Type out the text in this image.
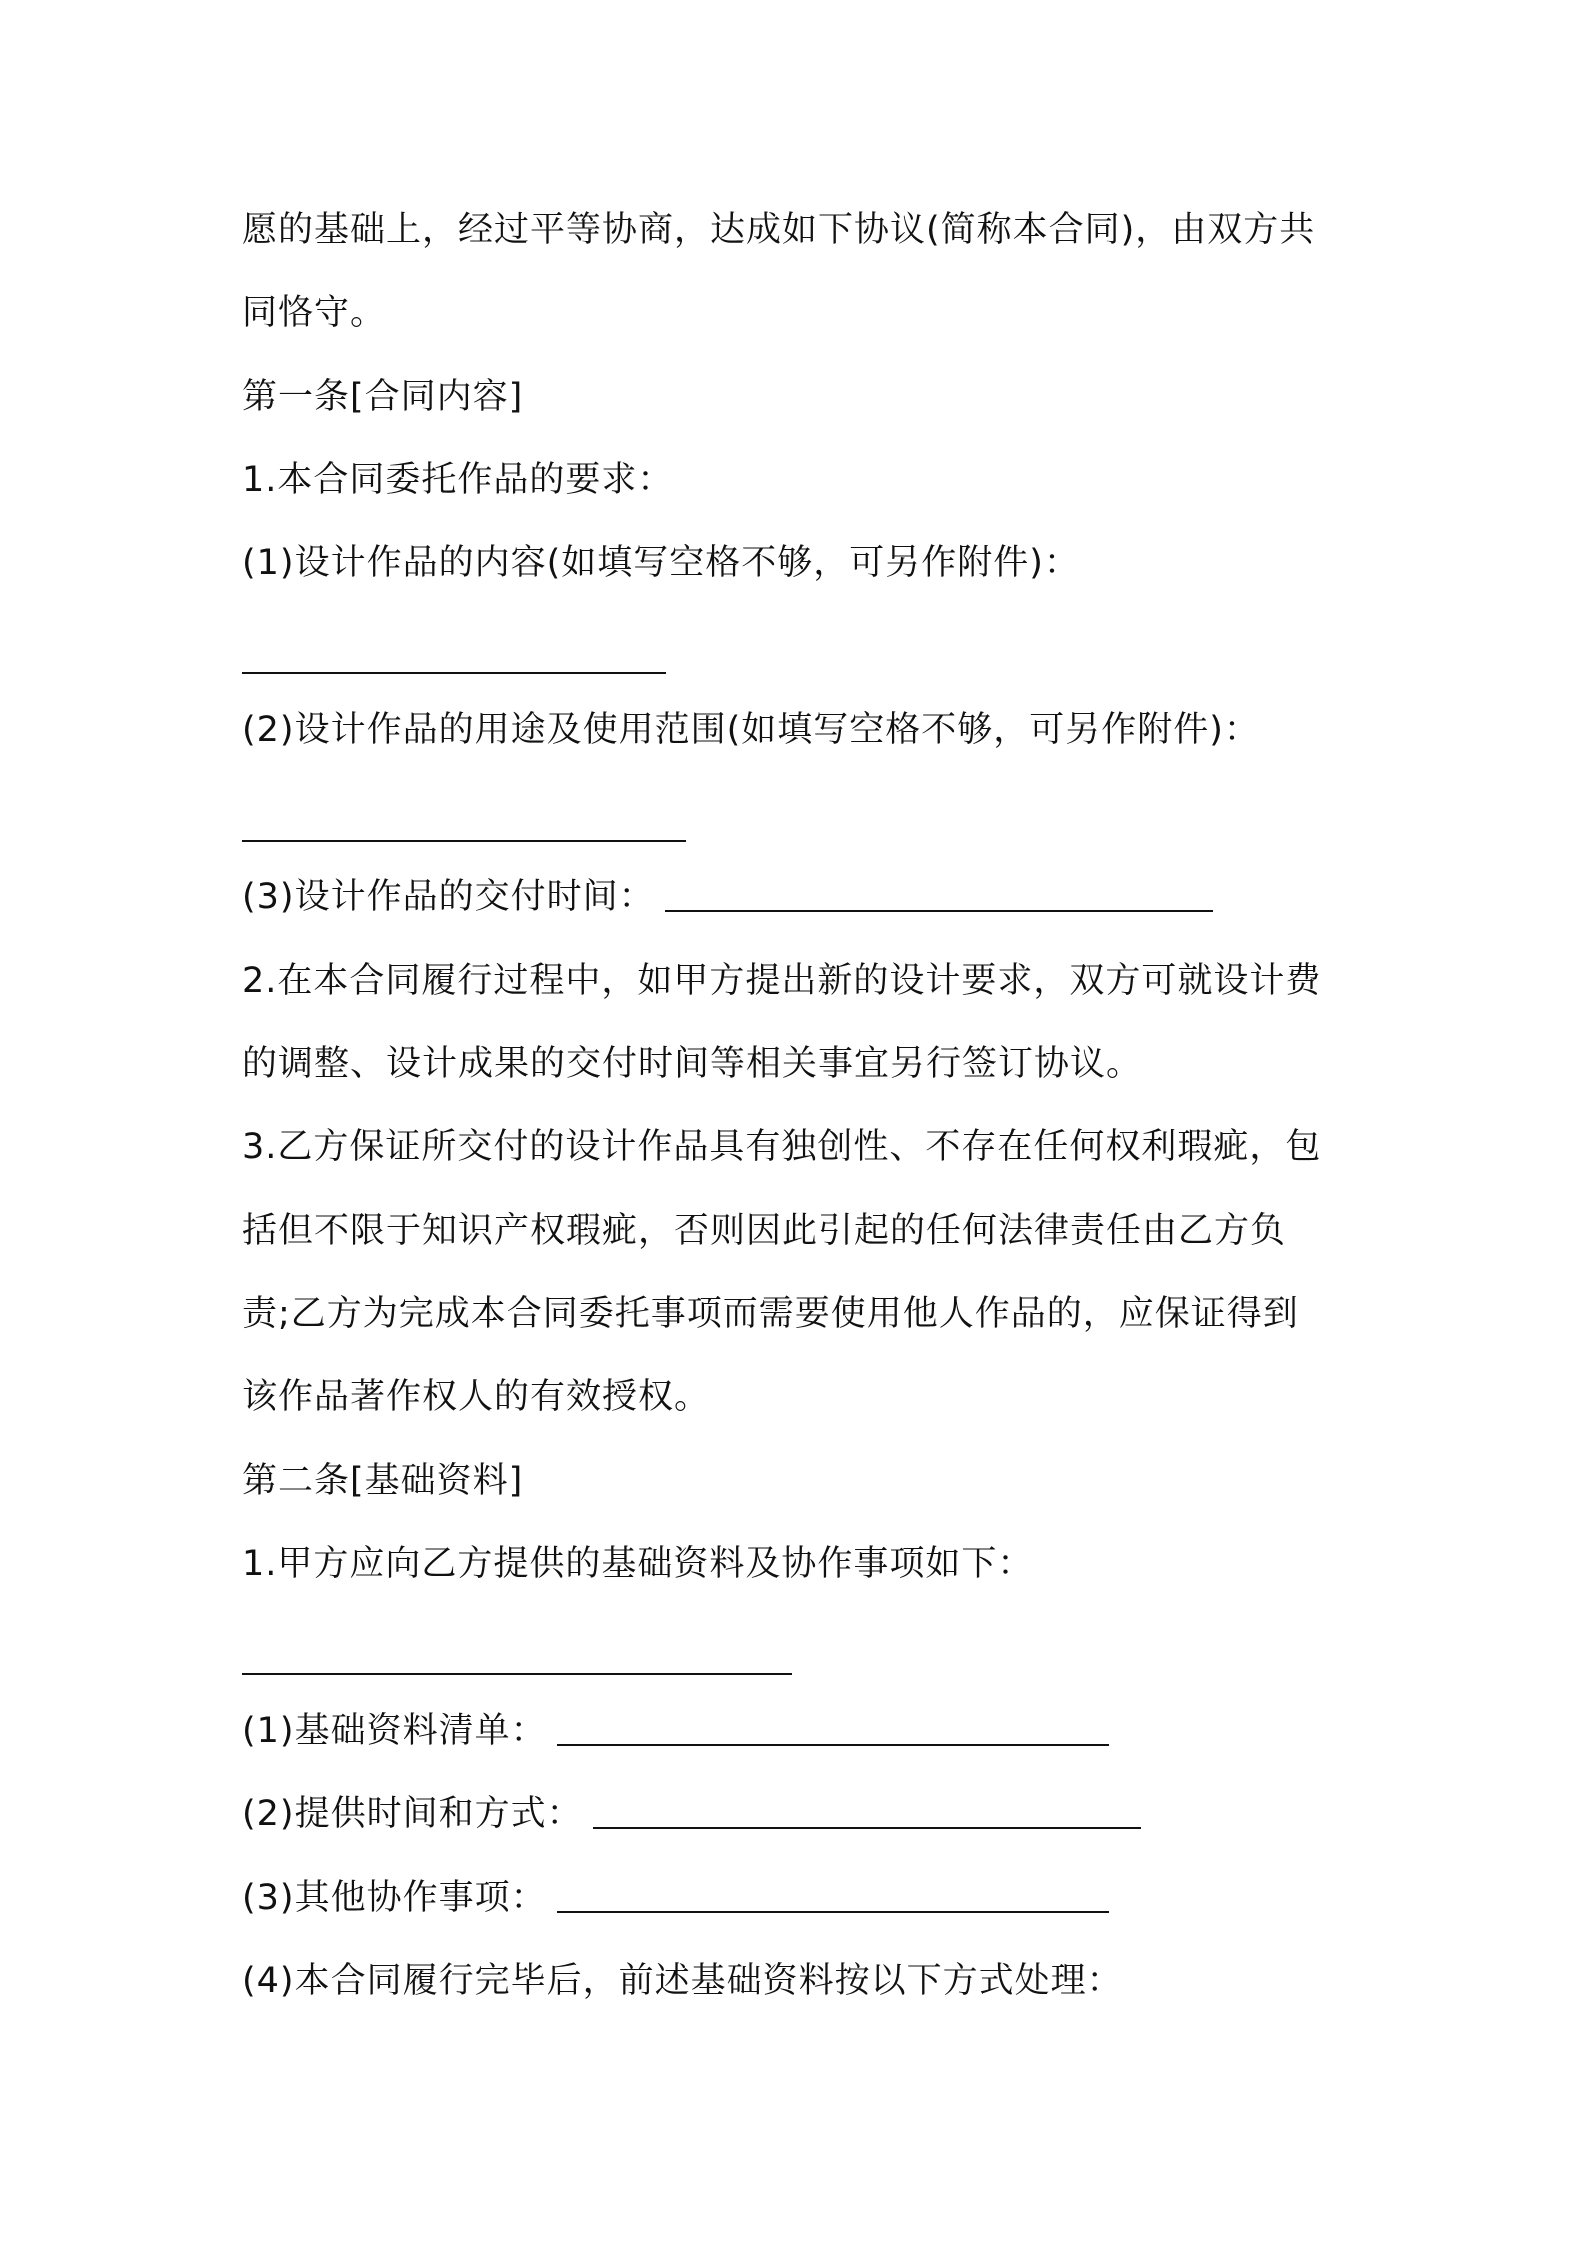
愿的基础上，经过平等协商，达成如下协议(简称本合同)，由双方共
同恪守。
第一条[合同内容]
1.本合同委托作品的要求：
(1)设计作品的内容(如填写空格不够，可另作附件)：
(2)设计作品的用途及使用范围(如填写空格不够，可另作附件)：
(3)设计作品的交付时间：
2.在本合同履行过程中，如甲方提出新的设计要求，双方可就设计费
的调整、设计成果的交付时间等相关事宜另行签订协议。
3.乙方保证所交付的设计作品具有独创性、不存在任何权利瑕疵，包
括但不限于知识产权瑕疵，否则因此引起的任何法律责任由乙方负
责;乙方为完成本合同委托事项而需要使用他人作品的，应保证得到
该作品著作权人的有效授权。
第二条[基础资料]
1.甲方应向乙方提供的基础资料及协作事项如下：
(1)基础资料清单：
(2)提供时间和方式：
(3)其他协作事项：
(4)本合同履行完毕后，前述基础资料按以下方式处理：
